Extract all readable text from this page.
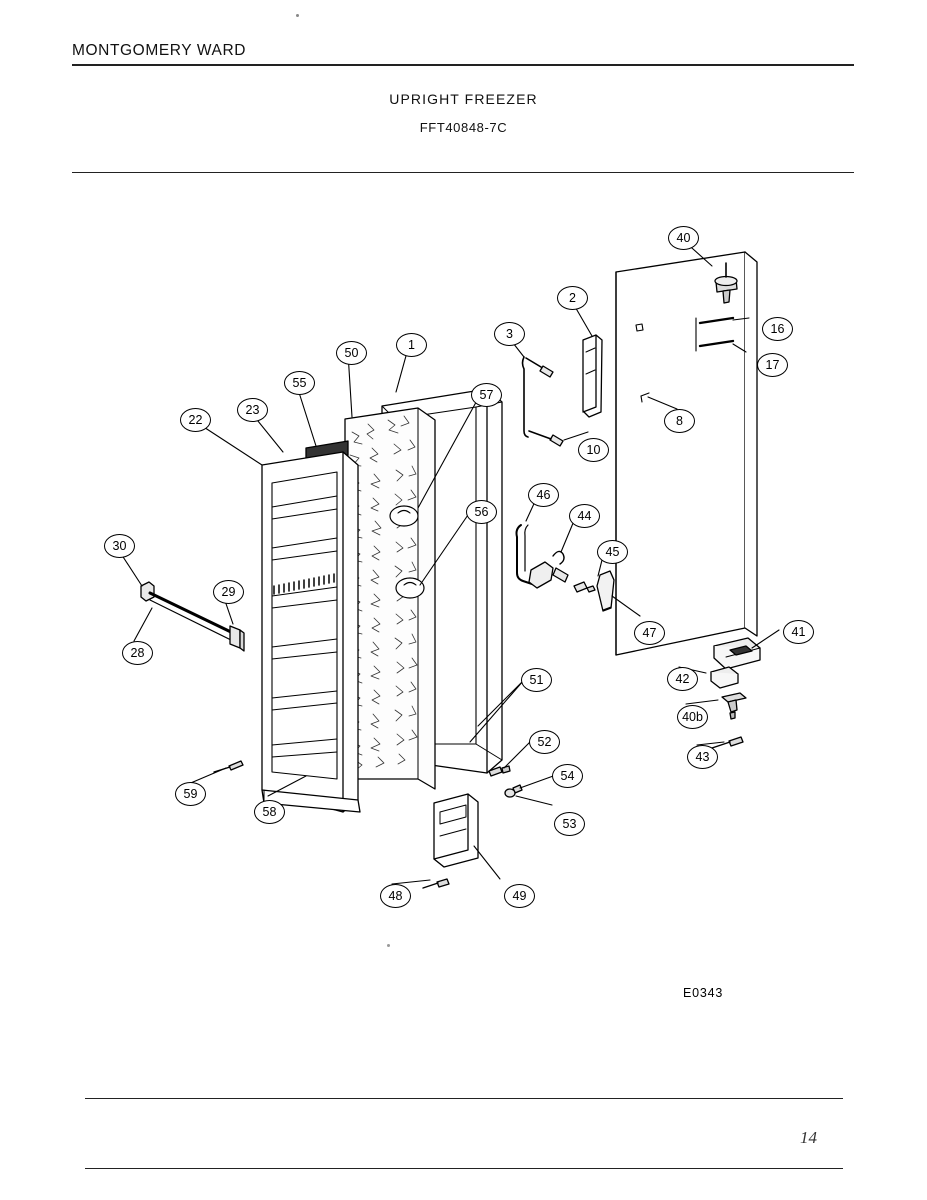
MONTGOMERY WARD
UPRIGHT FREEZER
FFT40848-7C
40
2
16
3
17
50
1
55
57
8
22
23
10
46
56	44
45
30
29
47	41
28
42
51
40b
52
43
54
59
58
53
48	49
E0343
14
